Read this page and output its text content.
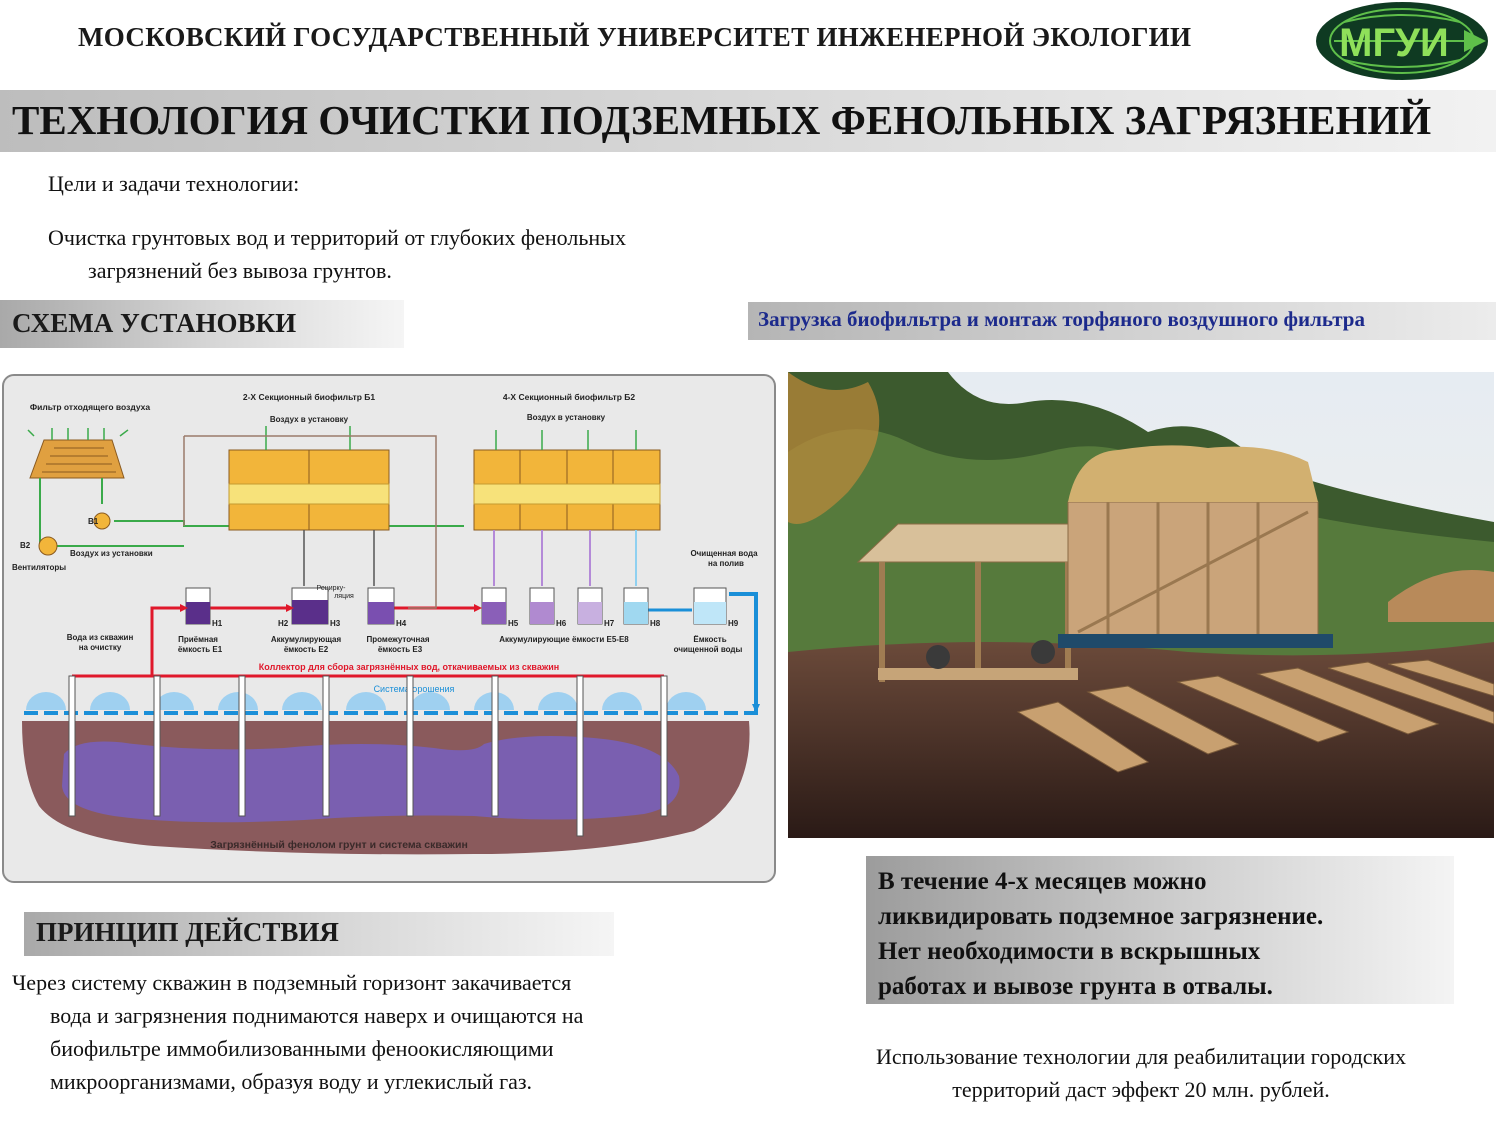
МОСКОВСКИЙ ГОСУДАРСТВЕННЫЙ УНИВЕРСИТЕТ ИНЖЕНЕРНОЙ ЭКОЛОГИИ	МГУИ
ТЕХНОЛОГИЯ ОЧИСТКИ ПОДЗЕМНЫХ ФЕНОЛЬНЫХ ЗАГРЯЗНЕНИЙ
Цели и задачи технологии:
Очистка грунтовых вод и территорий от глубоких фенольных
загрязнений без вывоза грунтов.
СХЕМА УСТАНОВКИ	Загрузка биофильтра и монтаж торфяного воздушного фильтра
Загрязнённый фенолом грунт и система скважин
Система орошения
Коллектор для сбора загрязнённых вод, откачиваемых из скважин
Фильтр отходящего воздуха
В1
В2
Воздух из установки
Вентиляторы
2-Х Секционный биофильтр Б1
Воздух в установку
4-Х Секционный биофильтр Б2
Воздух в установку
Н1	Н2	Н3	Н4	Н5	Н6	Н7	Н8	Н9
Рецирку-
ляция
Вода из скважин
на очистку
Приёмная
ёмкость Е1
Аккумулирующая
ёмкость Е2
Промежуточная
ёмкость Е3
Аккумулирующие ёмкости Е5-Е8
Очищенная вода
на полив
Ёмкость
очищенной воды
В течение 4-х месяцев можно
ликвидировать подземное загрязнение.
Нет необходимости в вскрышных
работах и вывозе грунта в отвалы.
ПРИНЦИП ДЕЙСТВИЯ
Через систему скважин в подземный горизонт закачивается
вода и загрязнения поднимаются наверх и очищаются на
биофильтре иммобилизованными феноокисляющими
микроорганизмами, образуя воду и углекислый газ.
Использование технологии для реабилитации городских
территорий даст эффект 20 млн. рублей.
